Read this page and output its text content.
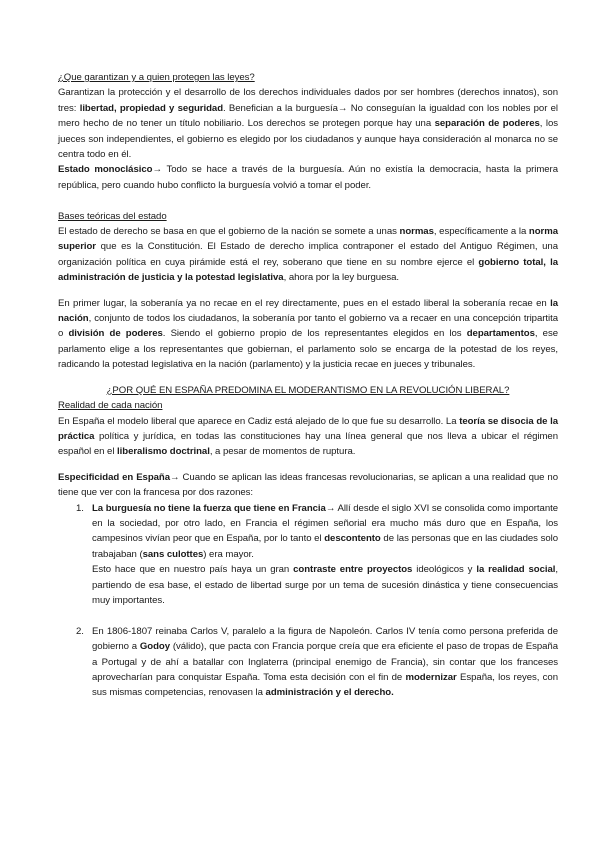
¿Que garantizan y a quien protegen las leyes?

Garantizan la protección y el desarrollo de los derechos individuales dados por ser hombres (derechos innatos), son tres: libertad, propiedad y seguridad. Benefician a la burguesía→ No conseguían la igualdad con los nobles por el mero hecho de no tener un título nobiliario. Los derechos se protegen porque hay una separación de poderes, los jueces son independientes, el gobierno es elegido por los ciudadanos y aunque haya consideración al monarca no se centra todo en él.

Estado monoclásico→ Todo se hace a través de la burguesía. Aún no existía la democracia, hasta la primera república, pero cuando hubo conflicto la burguesía volvió a tomar el poder.

Bases teóricas del estado

El estado de derecho se basa en que el gobierno de la nación se somete a unas normas, específicamente a la norma superior que es la Constitución. El Estado de derecho implica contraponer el estado del Antiguo Régimen, una organización política en cuya pirámide está el rey, soberano que tiene en su nombre ejerce el gobierno total, la administración de justicia y la potestad legislativa, ahora por la ley burguesa.

En primer lugar, la soberanía ya no recae en el rey directamente, pues en el estado liberal la soberanía recae en la nación, conjunto de todos los ciudadanos, la soberanía por tanto el gobierno va a recaer en una concepción tripartita o división de poderes. Siendo el gobierno propio de los representantes elegidos en los departamentos, ese parlamento elige a los representantes que gobiernan, el parlamento solo se encarga de la potestad de los reyes, radicando la potestad legislativa en la nación (parlamento) y la justicia recae en jueces y tribunales.

¿POR QUÉ EN ESPAÑA PREDOMINA EL MODERANTISMO EN LA REVOLUCIÓN LIBERAL?

Realidad de cada nación

En España el modelo liberal que aparece en Cadiz está alejado de lo que fue su desarrollo. La teoría se disocia de la práctica política y jurídica, en todas las constituciones hay una línea general que nos lleva a ubicar el régimen español en el liberalismo doctrinal, a pesar de momentos de ruptura.

Especificidad en España→ Cuando se aplican las ideas francesas revolucionarias, se aplican a una realidad que no tiene que ver con la francesa por dos razones:

1. La burguesía no tiene la fuerza que tiene en Francia→ Allí desde el siglo XVI se consolida como importante en la sociedad, por otro lado, en Francia el régimen señorial era mucho más duro que en España, los campesinos vivían peor que en España, por lo tanto el descontento de las personas que en las ciudades solo trabajaban (sans culottes) era mayor.

Esto hace que en nuestro país haya un gran contraste entre proyectos ideológicos y la realidad social, partiendo de esa base, el estado de libertad surge por un tema de sucesión dinástica y tiene consecuencias muy importantes.

2. En 1806-1807 reinaba Carlos V, paralelo a la figura de Napoleón. Carlos IV tenía como persona preferida de gobierno a Godoy (válido), que pacta con Francia porque creía que era eficiente el paso de tropas de España a Portugal y de ahí a batallar con Inglaterra (principal enemigo de Francia), sin contar que los franceses aprovecharían para conquistar España. Toma esta decisión con el fin de modernizar España, los reyes, con sus mismas competencias, renovasen la administración y el derecho.
